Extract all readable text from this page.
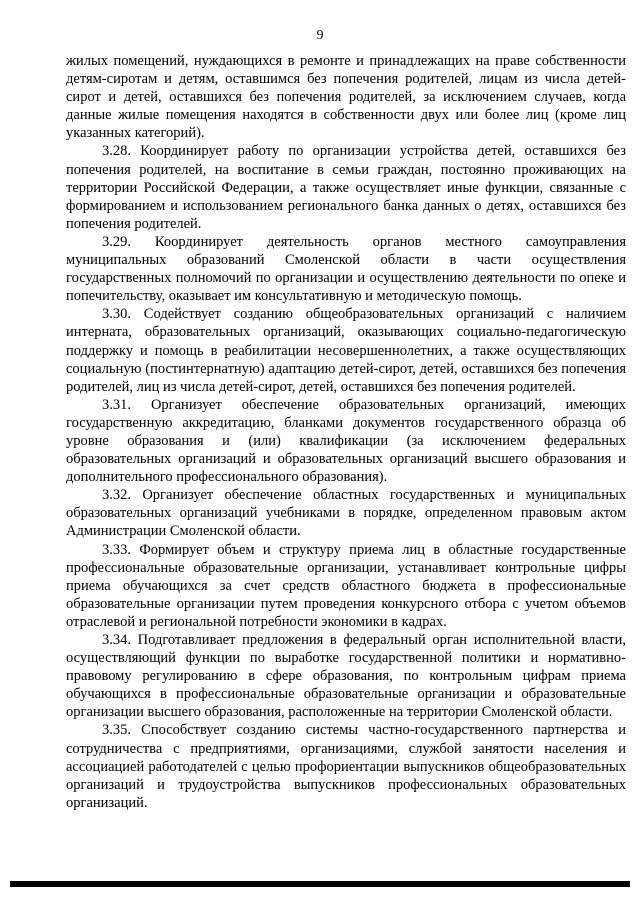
9

жилых помещений, нуждающихся в ремонте и принадлежащих на праве собственности детям-сиротам и детям, оставшимся без попечения родителей, лицам из числа детей-сирот и детей, оставшихся без попечения родителей, за исключением случаев, когда данные жилые помещения находятся в собственности двух или более лиц (кроме лиц указанных категорий).

3.28. Координирует работу по организации устройства детей, оставшихся без попечения родителей, на воспитание в семьи граждан, постоянно проживающих на территории Российской Федерации, а также осуществляет иные функции, связанные с формированием и использованием регионального банка данных о детях, оставшихся без попечения родителей.

3.29. Координирует деятельность органов местного самоуправления муниципальных образований Смоленской области в части осуществления государственных полномочий по организации и осуществлению деятельности по опеке и попечительству, оказывает им консультативную и методическую помощь.

3.30. Содействует созданию общеобразовательных организаций с наличием интерната, образовательных организаций, оказывающих социально-педагогическую поддержку и помощь в реабилитации несовершеннолетних, а также осуществляющих социальную (постинтернатную) адаптацию детей-сирот, детей, оставшихся без попечения родителей, лиц из числа детей-сирот, детей, оставшихся без попечения родителей.

3.31. Организует обеспечение образовательных организаций, имеющих государственную аккредитацию, бланками документов государственного образца об уровне образования и (или) квалификации (за исключением федеральных образовательных организаций и образовательных организаций высшего образования и дополнительного профессионального образования).

3.32. Организует обеспечение областных государственных и муниципальных образовательных организаций учебниками в порядке, определенном правовым актом Администрации Смоленской области.

3.33. Формирует объем и структуру приема лиц в областные государственные профессиональные образовательные организации, устанавливает контрольные цифры приема обучающихся за счет средств областного бюджета в профессиональные образовательные организации путем проведения конкурсного отбора с учетом объемов отраслевой и региональной потребности экономики в кадрах.

3.34. Подготавливает предложения в федеральный орган исполнительной власти, осуществляющий функции по выработке государственной политики и нормативно-правовому регулированию в сфере образования, по контрольным цифрам приема обучающихся в профессиональные образовательные организации и образовательные организации высшего образования, расположенные на территории Смоленской области.

3.35. Способствует созданию системы частно-государственного партнерства и сотрудничества с предприятиями, организациями, службой занятости населения и ассоциацией работодателей с целью профориентации выпускников общеобразовательных организаций и трудоустройства выпускников профессиональных образовательных организаций.
